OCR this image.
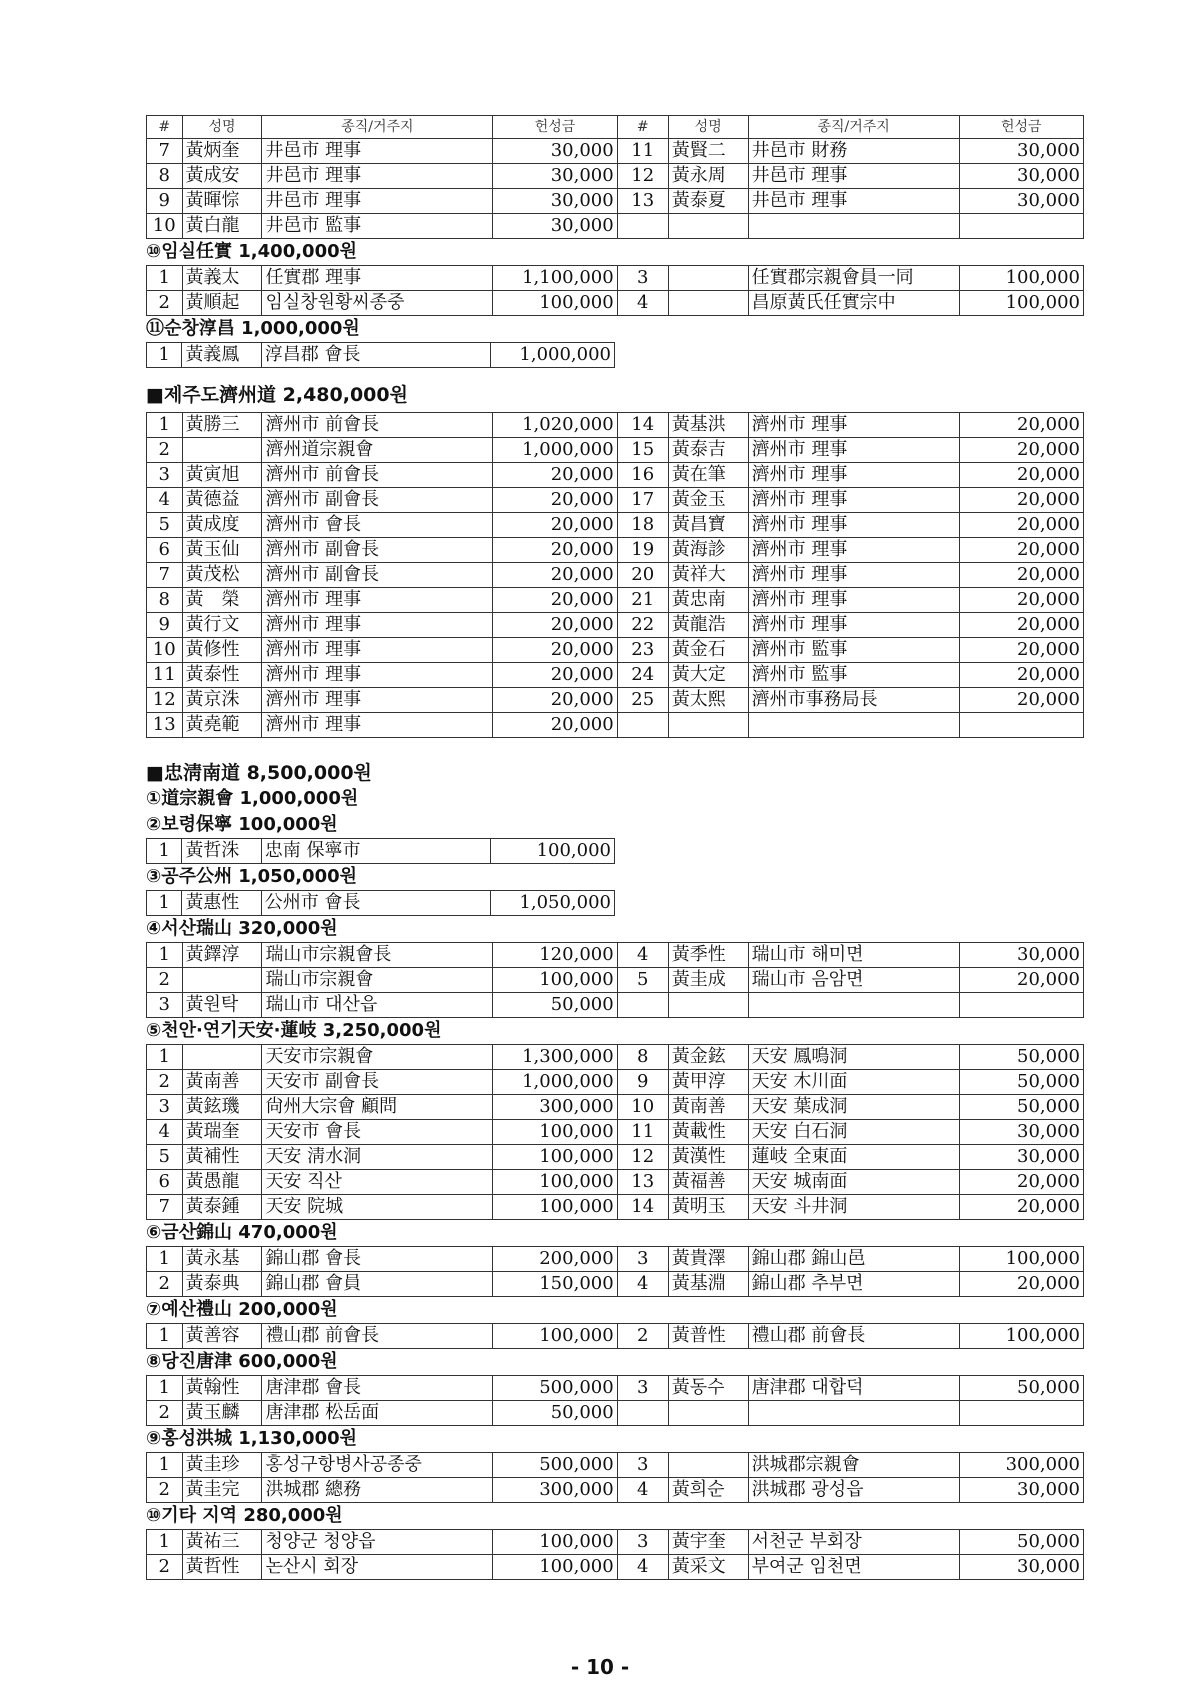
#	성명	종직/거주지	헌성금	#	성명	종직/거주지	헌성금
7	黃炳奎	井邑市 理事	30,000	11	黃賢二	井邑市 財務	30,000
8	黃成安	井邑市 理事	30,000	12	黃永周	井邑市 理事	30,000
9	黃暉悰	井邑市 理事	30,000	13	黃泰夏	井邑市 理事	30,000
10	黃白龍	井邑市 監事	30,000				
⑩임실任實 1,400,000원
1	黃義太	任實郡 理事	1,100,000	3		任實郡宗親會員一同	100,000
2	黃順起	임실창원황씨종중	100,000	4		昌原黃氏任實宗中	100,000
⑪순창淳昌 1,000,000원
1	黃義鳳	淳昌郡 會長	1,000,000
■제주도濟州道 2,480,000원
1	黃勝三	濟州市 前會長	1,020,000	14	黃基洪	濟州市 理事	20,000
2		濟州道宗親會	1,000,000	15	黃泰吉	濟州市 理事	20,000
3	黃寅旭	濟州市 前會長	20,000	16	黃在筆	濟州市 理事	20,000
4	黃德益	濟州市 副會長	20,000	17	黃金玉	濟州市 理事	20,000
5	黃成度	濟州市 會長	20,000	18	黃昌寶	濟州市 理事	20,000
6	黃玉仙	濟州市 副會長	20,000	19	黃海診	濟州市 理事	20,000
7	黃茂松	濟州市 副會長	20,000	20	黃祥大	濟州市 理事	20,000
8	黃　榮	濟州市 理事	20,000	21	黃忠南	濟州市 理事	20,000
9	黃行文	濟州市 理事	20,000	22	黃龍浩	濟州市 理事	20,000
10	黃修性	濟州市 理事	20,000	23	黃金石	濟州市 監事	20,000
11	黃泰性	濟州市 理事	20,000	24	黃大定	濟州市 監事	20,000
12	黃京洙	濟州市 理事	20,000	25	黃太熙	濟州市事務局長	20,000
13	黃堯範	濟州市 理事	20,000				
■忠淸南道 8,500,000원
①道宗親會 1,000,000원
②보령保寧 100,000원
1	黃哲洙	忠南 保寧市	100,000
③공주公州 1,050,000원
1	黃惠性	公州市 會長	1,050,000
④서산瑞山 320,000원
1	黃鐸淳	瑞山市宗親會長	120,000	4	黃季性	瑞山市 해미면	30,000
2		瑞山市宗親會	100,000	5	黃圭成	瑞山市 음암면	20,000
3	黃원탁	瑞山市 대산읍	50,000				
⑤천안·연기天安·蓮岐 3,250,000원
1		天安市宗親會	1,300,000	8	黃金鉉	天安 鳳鳴洞	50,000
2	黃南善	天安市 副會長	1,000,000	9	黃甲淳	天安 木川面	50,000
3	黃鉉璣	尙州大宗會 顧問	300,000	10	黃南善	天安 葉成洞	50,000
4	黃瑞奎	天安市 會長	100,000	11	黃載性	天安 白石洞	30,000
5	黃補性	天安 淸水洞	100,000	12	黃漢性	蓮岐 全東面	30,000
6	黃愚龍	天安 직산	100,000	13	黃福善	天安 城南面	20,000
7	黃泰鍾	天安 院城	100,000	14	黃明玉	天安 斗井洞	20,000
⑥금산錦山 470,000원
1	黃永基	錦山郡 會長	200,000	3	黃貴澤	錦山郡 錦山邑	100,000
2	黃泰典	錦山郡 會員	150,000	4	黃基淵	錦山郡 추부면	20,000
⑦예산禮山 200,000원
1	黃善容	禮山郡 前會長	100,000	2	黃普性	禮山郡 前會長	100,000
⑧당진唐津 600,000원
1	黃翰性	唐津郡 會長	500,000	3	黃동수	唐津郡 대합덕	50,000
2	黃玉麟	唐津郡 松岳面	50,000				
⑨홍성洪城 1,130,000원
1	黃圭珍	홍성구항병사공종중	500,000	3		洪城郡宗親會	300,000
2	黃圭完	洪城郡 總務	300,000	4	黃희순	洪城郡 광성읍	30,000
⑩기타 지역 280,000원
1	黃祐三	청양군 청양읍	100,000	3	黃宇奎	서천군 부회장	50,000
2	黃哲性	논산시 회장	100,000	4	黃采文	부여군 임천면	30,000
- 10 -
